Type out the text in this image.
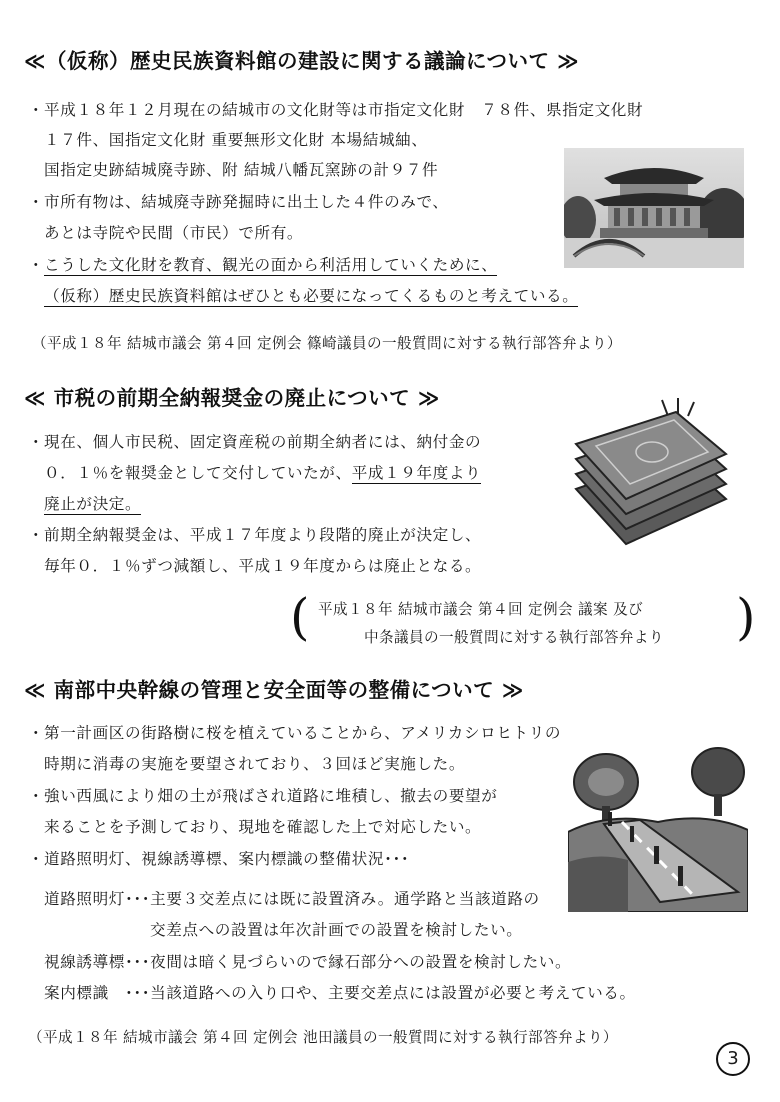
≪（仮称）歴史民族資料館の建設に関する議論について ≫
・平成１８年１２月現在の結城市の文化財等は市指定文化財　７８件、県指定文化財
１７件、国指定文化財 重要無形文化財 本場結城紬、
国指定史跡結城廃寺跡、附 結城八幡瓦窯跡の計９７件
・市所有物は、結城廃寺跡発掘時に出土した４件のみで、
あとは寺院や民間（市民）で所有。
・こうした文化財を教育、観光の面から利活用していくために、
（仮称）歴史民族資料館はぜひとも必要になってくるものと考えている。
（平成１８年 結城市議会 第４回 定例会 篠崎議員の一般質問に対する執行部答弁より）
≪ 市税の前期全納報奨金の廃止について ≫
・現在、個人市民税、固定資産税の前期全納者には、納付金の
０．１％を報奨金として交付していたが、平成１９年度より
廃止が決定。
・前期全納報奨金は、平成１７年度より段階的廃止が決定し、
毎年０．１％ずつ減額し、平成１９年度からは廃止となる。
( 平成１８年 結城市議会 第４回 定例会 議案 及び
中条議員の一般質問に対する執行部答弁より )
≪ 南部中央幹線の管理と安全面等の整備について ≫
・第一計画区の街路樹に桜を植えていることから、アメリカシロヒトリの
時期に消毒の実施を要望されており、３回ほど実施した。
・強い西風により畑の土が飛ばされ道路に堆積し、撤去の要望が
来ることを予測しており、現地を確認した上で対応したい。
・道路照明灯、視線誘導標、案内標識の整備状況･･･
道路照明灯･･･主要３交差点には既に設置済み。通学路と当該道路の
交差点への設置は年次計画での設置を検討したい。
視線誘導標･･･夜間は暗く見づらいので縁石部分への設置を検討したい。
案内標識　･･･当該道路への入り口や、主要交差点には設置が必要と考えている。
（平成１８年 結城市議会 第４回 定例会 池田議員の一般質問に対する執行部答弁より）
3
